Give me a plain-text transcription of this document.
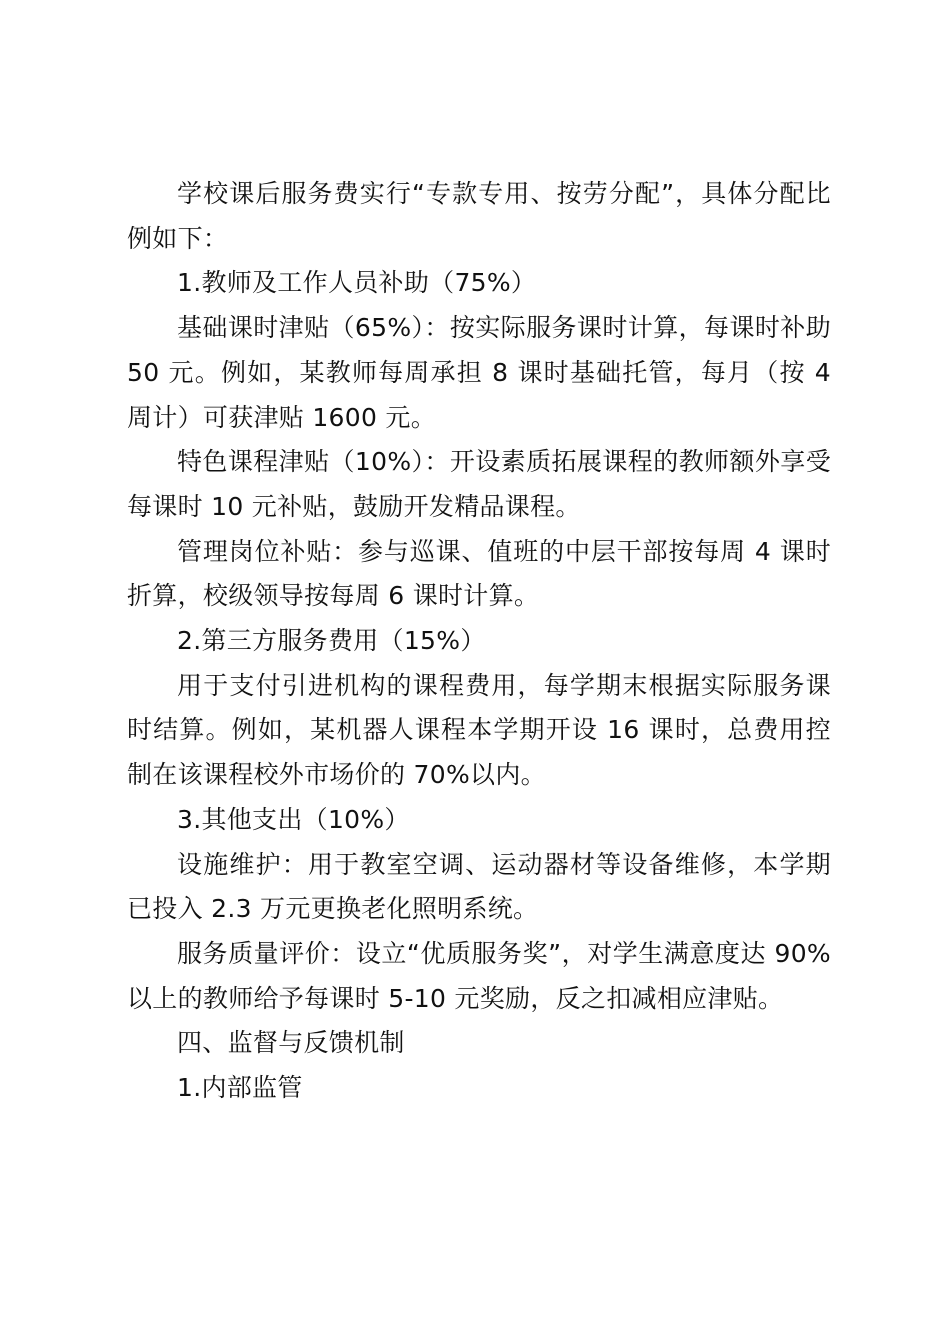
学校课后服务费实行“专款专用、按劳分配”，具体分配比例如下：

1.教师及工作人员补助（75%）

基础课时津贴（65%）：按实际服务课时计算，每课时补助 50 元。例如，某教师每周承担 8 课时基础托管，每月（按 4 周计）可获津贴 1600 元。

特色课程津贴（10%）：开设素质拓展课程的教师额外享受每课时 10 元补贴，鼓励开发精品课程。

管理岗位补贴：参与巡课、值班的中层干部按每周 4 课时折算，校级领导按每周 6 课时计算。

2.第三方服务费用（15%）

用于支付引进机构的课程费用，每学期末根据实际服务课时结算。例如，某机器人课程本学期开设 16 课时，总费用控制在该课程校外市场价的 70%以内。

3.其他支出（10%）

设施维护：用于教室空调、运动器材等设备维修，本学期已投入 2.3 万元更换老化照明系统。

服务质量评价：设立“优质服务奖”，对学生满意度达 90%以上的教师给予每课时 5-10 元奖励，反之扣减相应津贴。

四、监督与反馈机制

1.内部监管
